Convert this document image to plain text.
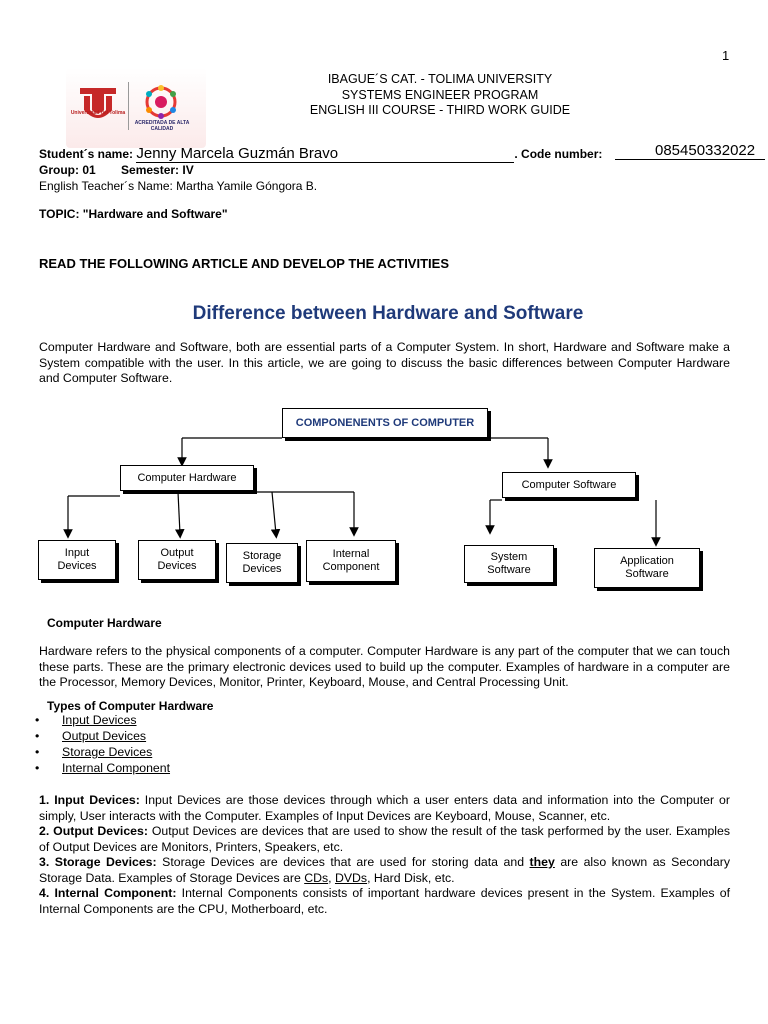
1
Universidad del Tolima
ACREDITADA DE ALTA CALIDAD
IBAGUE´S CAT. - TOLIMA UNIVERSITY
SYSTEMS ENGINEER PROGRAM
ENGLISH III COURSE - THIRD WORK GUIDE
Student´s name: Jenny Marcela Guzmán Bravo	. Code number:	085450332022
Group: 01 Semester: IV
English Teacher´s Name: Martha Yamile Góngora B.
TOPIC: "Hardware and Software"
READ THE FOLLOWING ARTICLE AND DEVELOP THE ACTIVITIES
Difference between Hardware and Software
Computer Hardware and Software, both are essential parts of a Computer System. In short, Hardware and Software make a System compatible with the user. In this article, we are going to discuss the basic differences between Computer Hardware and Computer Software.
COMPONENENTS OF COMPUTER
Computer Hardware
Computer Software
Input Devices
Output Devices
Storage Devices
Internal Component
System Software
Application Software
Computer Hardware
Hardware refers to the physical components of a computer. Computer Hardware is any part of the computer that we can touch these parts. These are the primary electronic devices used to build up the computer. Examples of hardware in a computer are the Processor, Memory Devices, Monitor, Printer, Keyboard, Mouse, and Central Processing Unit.
Types of Computer Hardware
• Input Devices
• Output Devices
• Storage Devices
• Internal Component
1. Input Devices: Input Devices are those devices through which a user enters data and information into the Computer or simply, User interacts with the Computer. Examples of Input Devices are Keyboard, Mouse, Scanner, etc.
2. Output Devices: Output Devices are devices that are used to show the result of the task performed by the user. Examples of Output Devices are Monitors, Printers, Speakers, etc.
3. Storage Devices: Storage Devices are devices that are used for storing data and they are also known as Secondary Storage Data. Examples of Storage Devices are CDs, DVDs, Hard Disk, etc.
4. Internal Component: Internal Components consists of important hardware devices present in the System. Examples of Internal Components are the CPU, Motherboard, etc.
